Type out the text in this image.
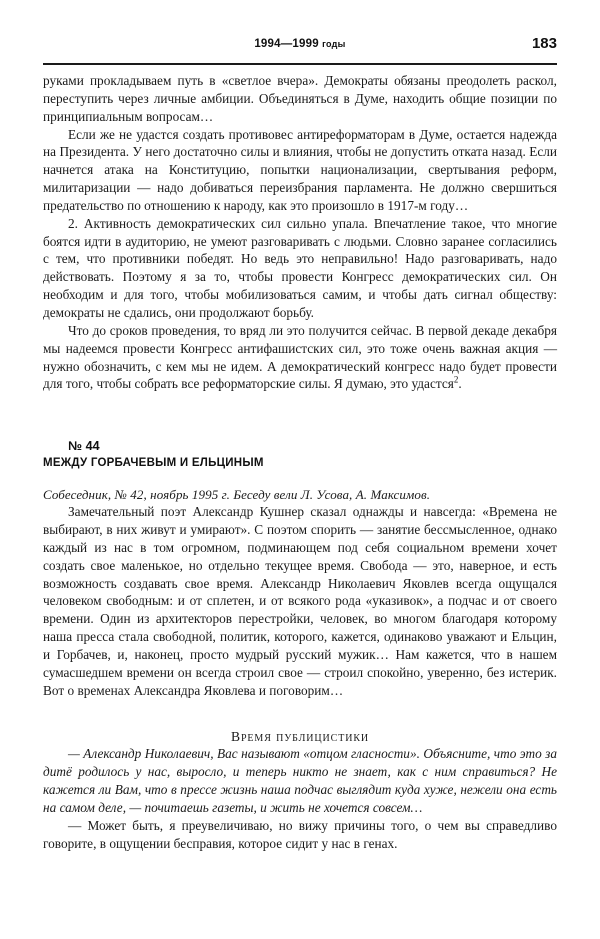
1994—1999 годы	183

руками прокладываем путь в «светлое вчера». Демократы обязаны преодолеть раскол, переступить через личные амбиции. Объединяться в Думе, находить общие позиции по принципиальным вопросам…

Если же не удастся создать противовес антиреформаторам в Думе, остается надежда на Президента. У него достаточно силы и влияния, чтобы не допустить отката назад. Если начнется атака на Конституцию, попытки национализации, свертывания реформ, милитаризации — надо добиваться переизбрания парламента. Не должно свершиться предательство по отношению к народу, как это произошло в 1917-м году…

2. Активность демократических сил сильно упала. Впечатление такое, что многие боятся идти в аудиторию, не умеют разговаривать с людьми. Словно заранее согласились с тем, что противники победят. Но ведь это неправильно! Надо разговаривать, надо действовать. Поэтому я за то, чтобы провести Конгресс демократических сил. Он необходим и для того, чтобы мобилизоваться самим, и чтобы дать сигнал обществу: демократы не сдались, они продолжают борьбу.

Что до сроков проведения, то вряд ли это получится сейчас. В первой декаде декабря мы надеемся провести Конгресс антифашистских сил, это тоже очень важная акция — нужно обозначить, с кем мы не идем. А демократический конгресс надо будет провести для того, чтобы собрать все реформаторские силы. Я думаю, это удастся$^2$.

№ 44
МЕЖДУ ГОРБАЧЕВЫМ И ЕЛЬЦИНЫМ
Собеседник, № 42, ноябрь 1995 г. Беседу вели Л. Усова, А. Максимов.

Замечательный поэт Александр Кушнер сказал однажды и навсегда: «Времена не выбирают, в них живут и умирают». С поэтом спорить — занятие бессмысленное, однако каждый из нас в том огромном, подминающем под себя социальном времени хочет создать свое маленькое, но отдельно текущее время. Свобода — это, наверное, и есть возможность создавать свое время. Александр Николаевич Яковлев всегда ощущался человеком свободным: и от сплетен, и от всякого рода «указивок», а подчас и от своего времени. Один из архитекторов перестройки, человек, во многом благодаря которому наша пресса стала свободной, политик, которого, кажется, одинаково уважают и Ельцин, и Горбачев, и, наконец, просто мудрый русский мужик… Нам кажется, что в нашем сумасшедшем времени он всегда строил свое — строил спокойно, уверенно, без истерик. Вот о временах Александра Яковлева и поговорим…

Время публицистики

— Александр Николаевич, Вас называют «отцом гласности». Объясните, что это за дитё родилось у нас, выросло, и теперь никто не знает, как с ним справиться? Не кажется ли Вам, что в прессе жизнь наша подчас выглядит куда хуже, нежели она есть на самом деле, — почитаешь газеты, и жить не хочется совсем…

— Может быть, я преувеличиваю, но вижу причины того, о чем вы справедливо говорите, в ощущении бесправия, которое сидит у нас в генах.
